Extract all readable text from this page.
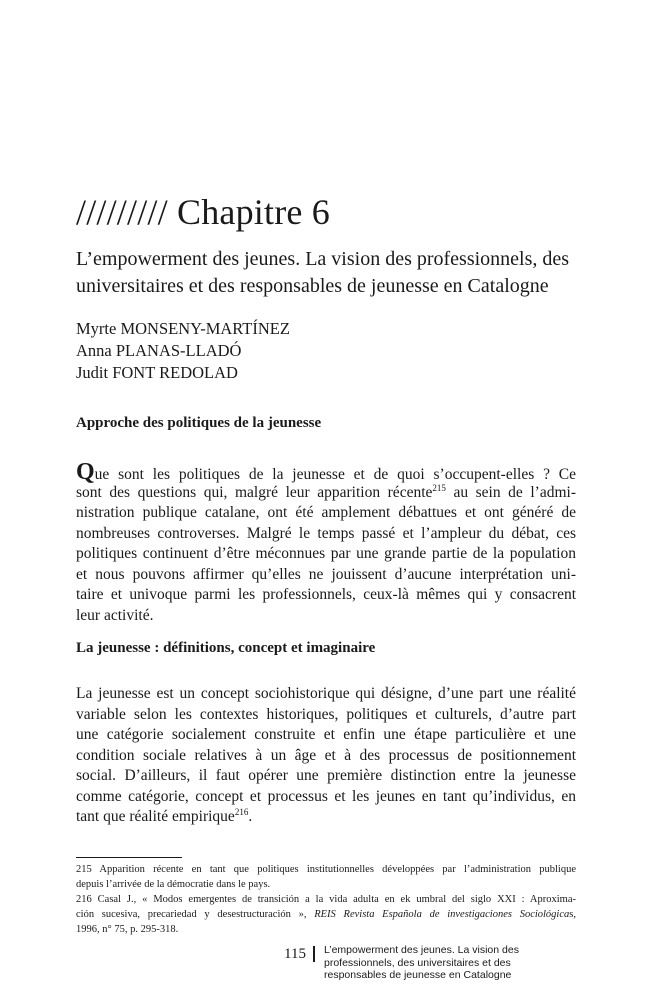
///////// Chapitre 6
L’empowerment des jeunes. La vision des professionnels, des
universitaires et des responsables de jeunesse en Catalogne
Myrte MONSENY-MARTÍNEZ
Anna PLANAS-LLADÓ
Judit FONT REDOLAD
Approche des politiques de la jeunesse
Que sont les politiques de la jeunesse et de quoi s’occupent-elles ? Ce
sont des questions qui, malgré leur apparition récente$^{215}$ au sein de l’admi-
nistration publique catalane, ont été amplement débattues et ont généré de
nombreuses controverses. Malgré le temps passé et l’ampleur du débat, ces
politiques continuent d’être méconnues par une grande partie de la population
et nous pouvons affirmer qu’elles ne jouissent d’aucune interprétation uni-
taire et univoque parmi les professionnels, ceux-là mêmes qui y consacrent
leur activité.
La jeunesse : définitions, concept et imaginaire
La jeunesse est un concept sociohistorique qui désigne, d’une part une réalité
variable selon les contextes historiques, politiques et culturels, d’autre part
une catégorie socialement construite et enfin une étape particulière et une
condition sociale relatives à un âge et à des processus de positionnement
social. D’ailleurs, il faut opérer une première distinction entre la jeunesse
comme catégorie, concept et processus et les jeunes en tant qu’individus, en
tant que réalité empirique$^{216}$.
215 Apparition récente en tant que politiques institutionnelles développées par l’administration publique
depuis l’arrivée de la démocratie dans le pays.
216 Casal J., « Modos emergentes de transición a la vida adulta en ek umbral del siglo XXI : Aproxima-
ción sucesiva, precariedad y desestructuración », REIS Revista Española de investigaciones Sociológicas,
1996, n° 75, p. 295-318.
115 L’empowerment des jeunes. La vision des
professionnels, des universitaires et des
responsables de jeunesse en Catalogne
